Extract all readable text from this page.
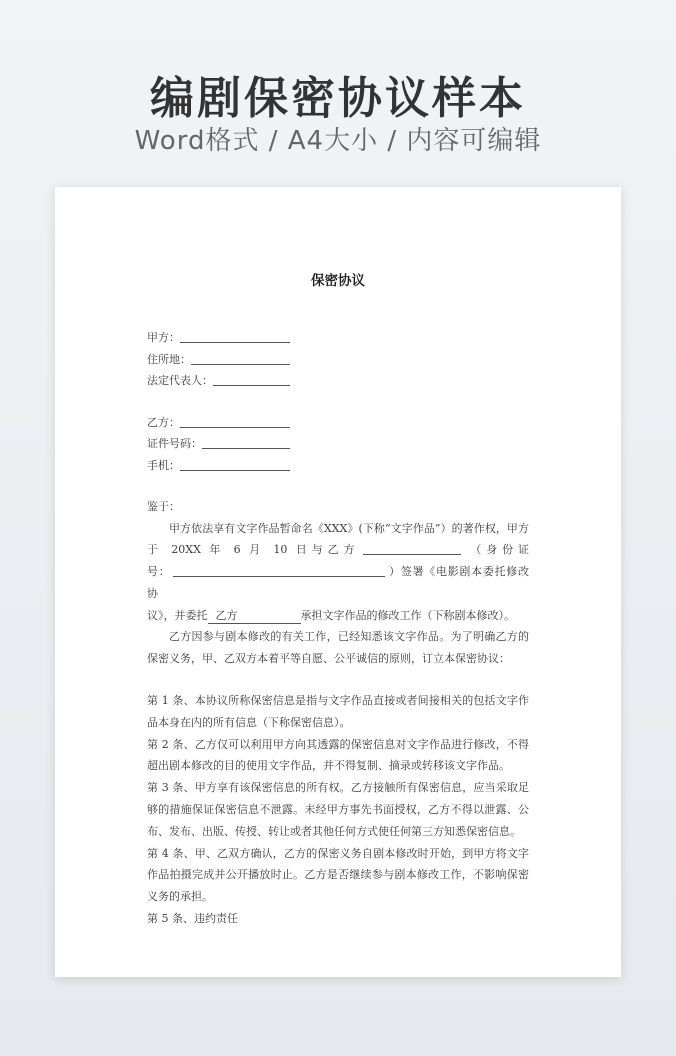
编剧保密协议样本
Word格式 / A4大小 / 内容可编辑
保密协议
甲方：
住所地：
法定代表人：
乙方：
证件号码：
手机：
鉴于：

甲方依法享有文字作品暂命名《XXX》(下称“文字作品”）的著作权，甲方

于 20XX 年 6 月 10 日与乙方	（身份证

号：	）签署《电影剧本委托修改协

议》，并委托 乙方	承担文字作品的修改工作（下称剧本修改）。

乙方因参与剧本修改的有关工作，已经知悉该文字作品。为了明确乙方的保密义务，甲、乙双方本着平等自愿、公平诚信的原则，订立本保密协议：

第 1 条、本协议所称保密信息是指与文字作品直接或者间接相关的包括文字作品本身在内的所有信息（下称保密信息）。

第 2 条、乙方仅可以利用甲方向其透露的保密信息对文字作品进行修改，不得超出剧本修改的目的使用文字作品，并不得复制、摘录或转移该文字作品。

第 3 条、甲方享有该保密信息的所有权。乙方接触所有保密信息，应当采取足够的措施保证保密信息不泄露。未经甲方事先书面授权，乙方不得以泄露、公布、发布、出版、传授、转让或者其他任何方式使任何第三方知悉保密信息。

第 4 条、甲、乙双方确认，乙方的保密义务自剧本修改时开始，到甲方将文字作品拍摄完成并公开播放时止。乙方是否继续参与剧本修改工作，不影响保密义务的承担。

第 5 条、违约责任
